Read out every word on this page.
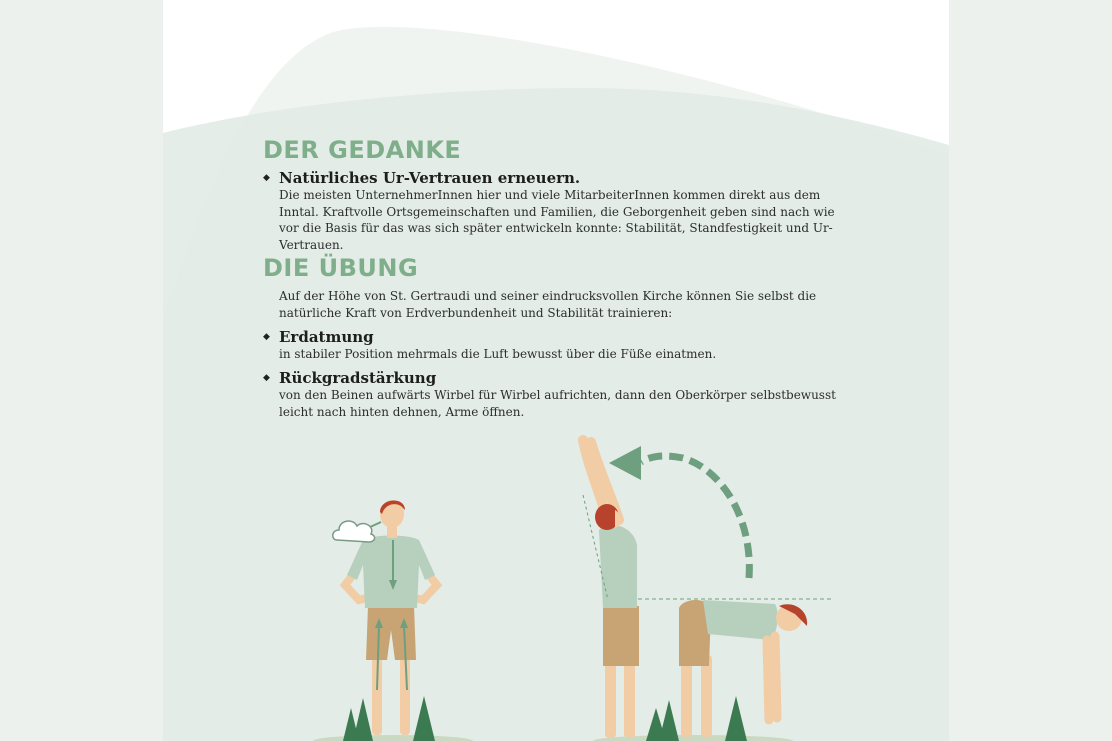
DER GEDANKE
◆ Natürliches Ur-Vertrauen erneuern.

Die meisten UnternehmerInnen hier und viele MitarbeiterInnen kommen direkt aus dem Inntal. Kraftvolle Ortsgemeinschaften und Familien, die Geborgenheit geben sind nach wie vor die Basis für das was sich später entwickeln konnte: Stabilität, Standfestigkeit und Ur-Vertrauen.

DIE ÜBUNG

Auf der Höhe von St. Gertraudi und seiner eindrucksvollen Kirche können Sie selbst die natürliche Kraft von Erdverbundenheit und Stabilität trainieren:

◆ Erdatmung

in stabiler Position mehrmals die Luft bewusst über die Füße einatmen.

◆ Rückgradstärkung

von den Beinen aufwärts Wirbel für Wirbel aufrichten, dann den Oberkörper selbstbewusst leicht nach hinten dehnen, Arme öffnen.
